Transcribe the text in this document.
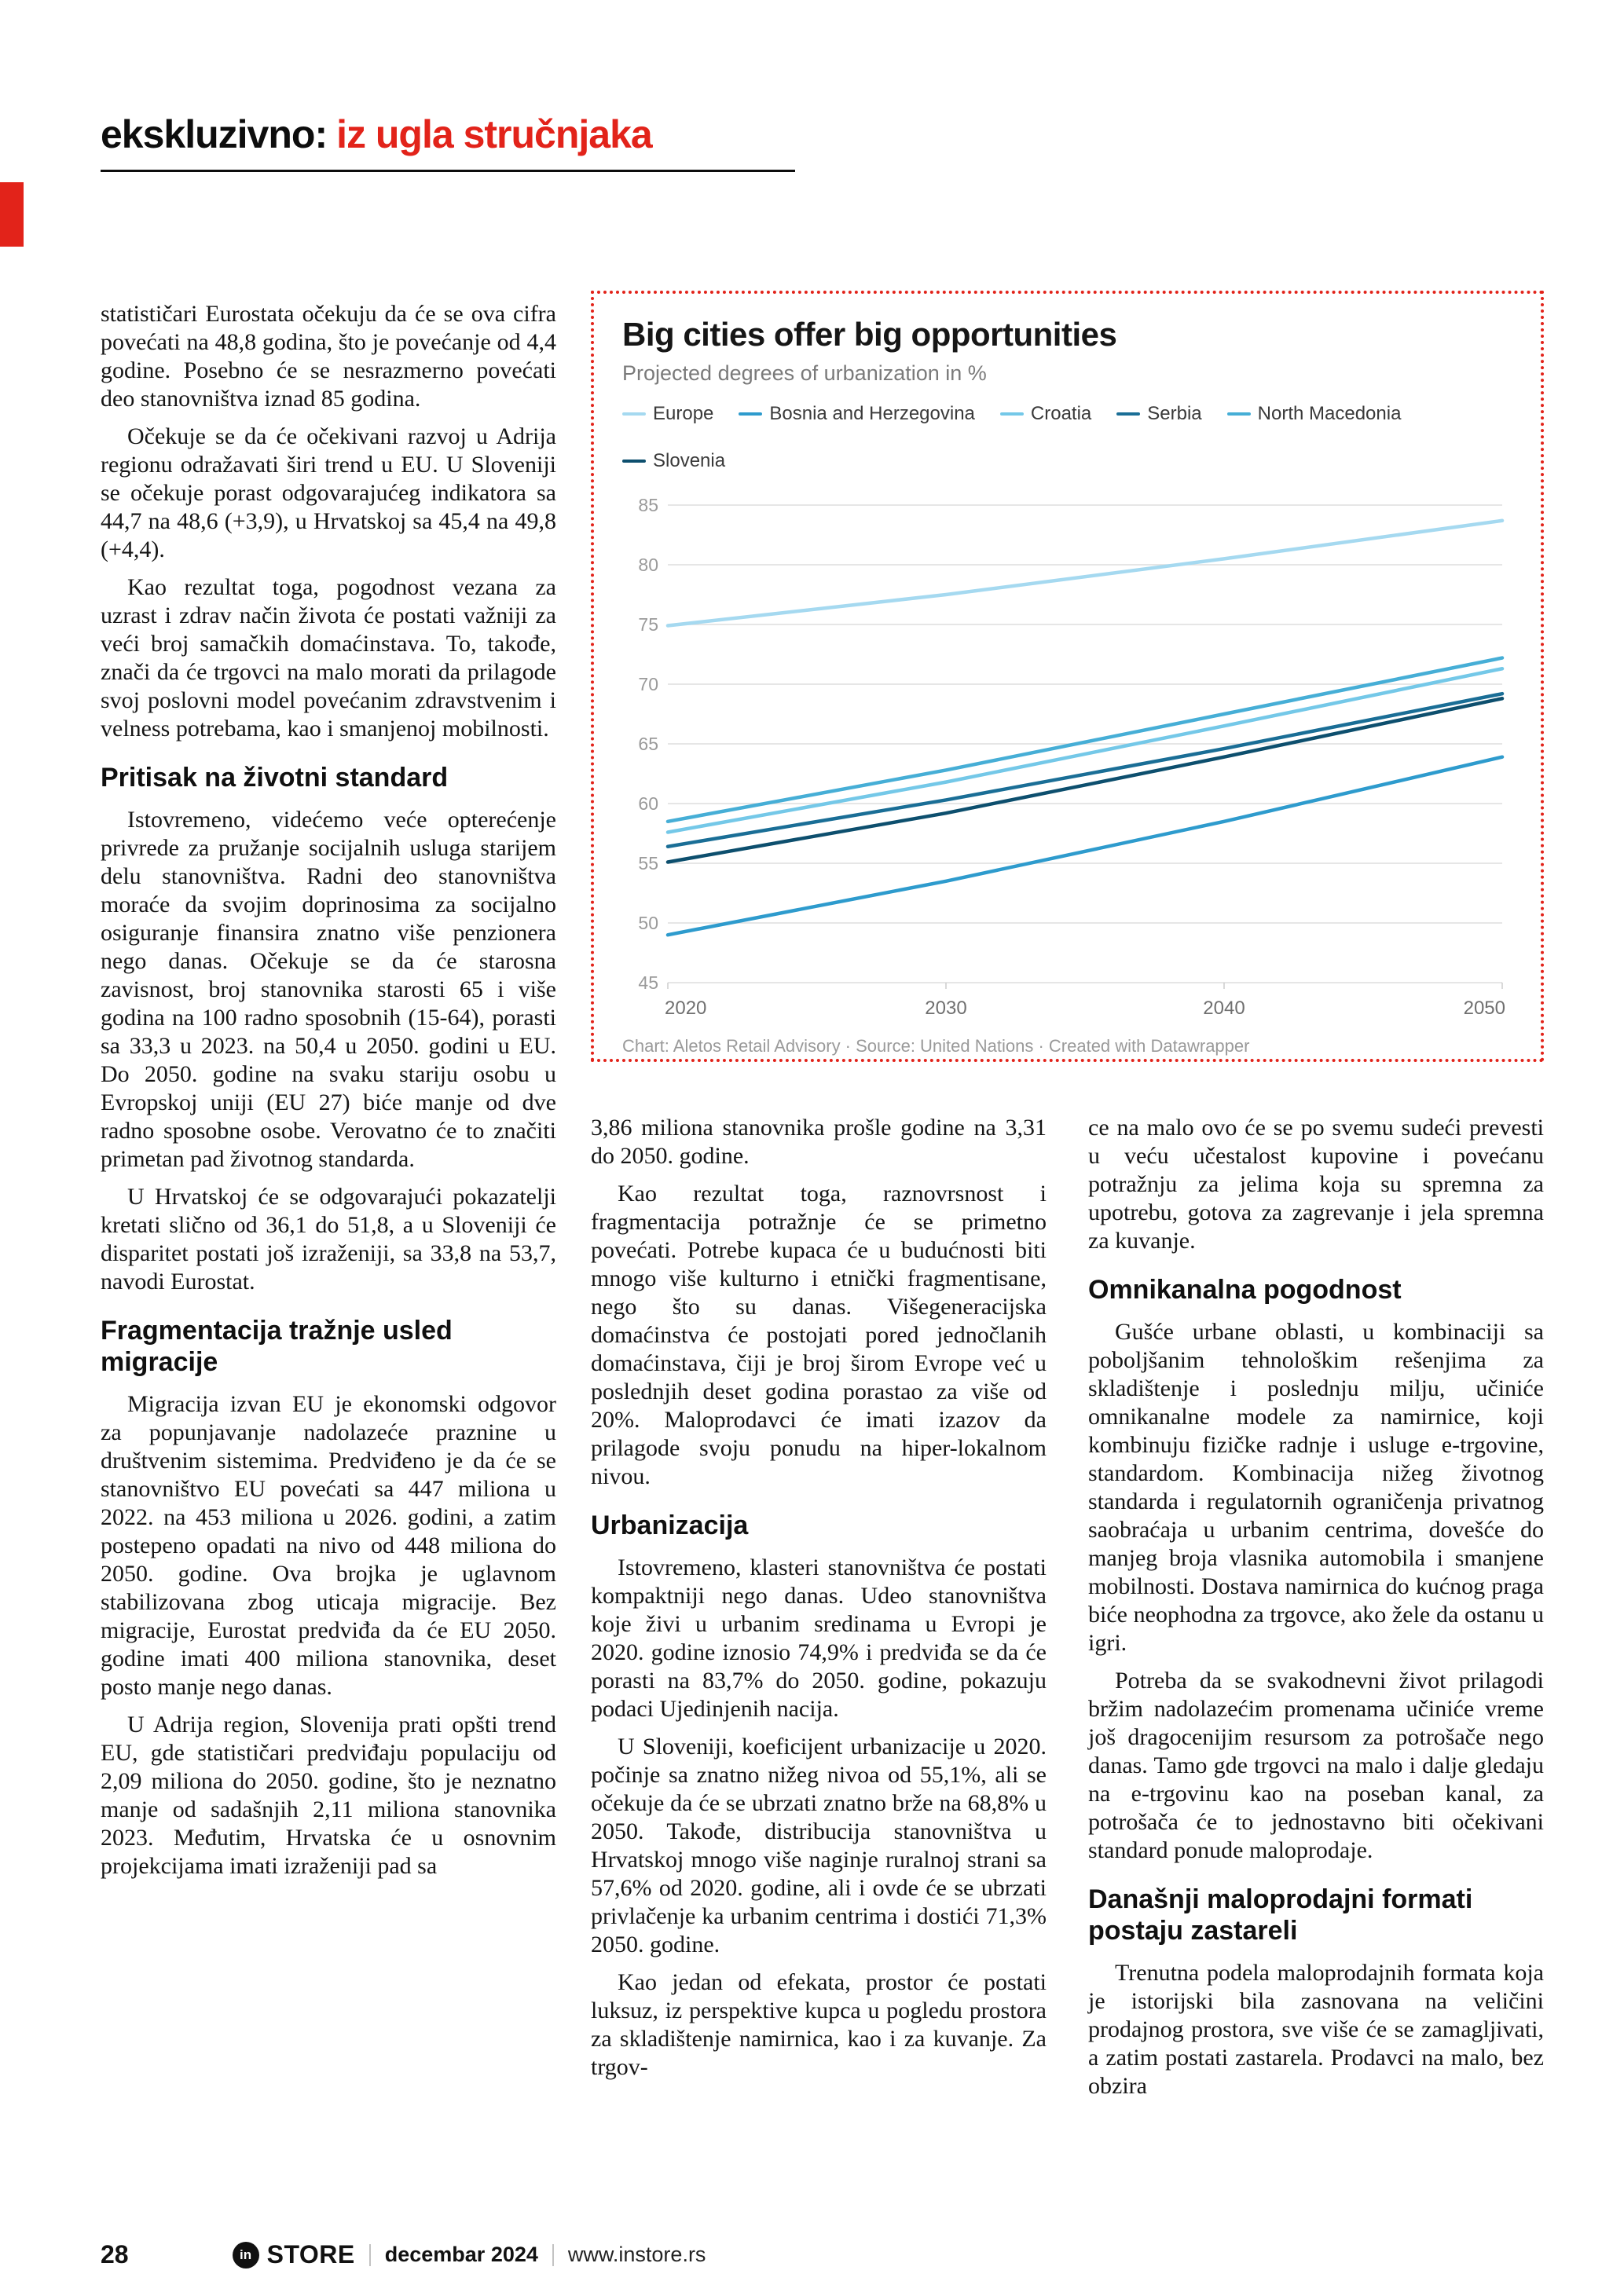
ekskluzivno: iz ugla stručnjaka

statističari Eurostata očekuju da će se ova cifra povećati na 48,8 godina, što je povećanje od 4,4 godine. Posebno će se nesrazmerno povećati deo stanovništva iznad 85 godina.

Očekuje se da će očekivani razvoj u Adrija regionu odražavati širi trend u EU. U Sloveniji se očekuje porast odgovarajućeg indikatora sa 44,7 na 48,6 (+3,9), u Hrvatskoj sa 45,4 na 49,8 (+4,4).

Kao rezultat toga, pogodnost vezana za uzrast i zdrav način života će postati važniji za veći broj samačkih domaćinstava. To, takođe, znači da će trgovci na malo morati da prilagode svoj poslovni model povećanim zdravstvenim i velness potrebama, kao i smanjenoj mobilnosti.

Pritisak na životni standard

Istovremeno, videćemo veće opterećenje privrede za pružanje socijalnih usluga starijem delu stanovništva. Radni deo stanovništva moraće da svojim doprinosima za socijalno osiguranje finansira znatno više penzionera nego danas. Očekuje se da će starosna zavisnost, broj stanovnika starosti 65 i više godina na 100 radno sposobnih (15-64), porasti sa 33,3 u 2023. na 50,4 u 2050. godini u EU. Do 2050. godine na svaku stariju osobu u Evropskoj uniji (EU 27) biće manje od dve radno sposobne osobe. Verovatno će to značiti primetan pad životnog standarda.

U Hrvatskoj će se odgovarajući pokazatelji kretati slično od 36,1 do 51,8, a u Sloveniji će disparitet postati još izraženiji, sa 33,8 na 53,7, navodi Eurostat.

Fragmentacija tražnje usled migracije

Migracija izvan EU je ekonomski odgovor za popunjavanje nadolazeće praznine u društvenim sistemima. Predviđeno je da će se stanovništvo EU povećati sa 447 miliona u 2022. na 453 miliona u 2026. godini, a zatim postepeno opadati na nivo od 448 miliona do 2050. godine. Ova brojka je uglavnom stabilizovana zbog uticaja migracije. Bez migracije, Eurostat predviđa da će EU 2050. godine imati 400 miliona stanovnika, deset posto manje nego danas.

U Adrija region, Slovenija prati opšti trend EU, gde statističari predviđaju populaciju od 2,09 miliona do 2050. godine, što je neznatno manje od sadašnjih 2,11 miliona stanovnika 2023. Međutim, Hrvatska će u osnovnim projekcijama imati izraženiji pad sa

Big cities offer big opportunities
Projected degrees of urbanization in %
Europe	Bosnia and Herzegovina	Croatia	Serbia	North Macedonia
Slovenia
45
50
55
60
65
70
75
80
85
2020	2030	2040	2050
Chart: Aletos Retail Advisory · Source: United Nations · Created with Datawrapper

3,86 miliona stanovnika prošle godine na 3,31 do 2050. godine.

Kao rezultat toga, raznovrsnost i fragmentacija potražnje će se primetno povećati. Potrebe kupaca će u budućnosti biti mnogo više kulturno i etnički fragmentisane, nego što su danas. Višegeneracijska domaćinstva će postojati pored jednočlanih domaćinstava, čiji je broj širom Evrope već u poslednjih deset godina porastao za više od 20%. Maloprodavci će imati izazov da prilagode svoju ponudu na hiper-lokalnom nivou.

Urbanizacija

Istovremeno, klasteri stanovništva će postati kompaktniji nego danas. Udeo stanovništva koje živi u urbanim sredinama u Evropi je 2020. godine iznosio 74,9% i predviđa se da će porasti na 83,7% do 2050. godine, pokazuju podaci Ujedinjenih nacija.

U Sloveniji, koeficijent urbanizacije u 2020. počinje sa znatno nižeg nivoa od 55,1%, ali se očekuje da će se ubrzati znatno brže na 68,8% u 2050. Takođe, distribucija stanovništva u Hrvatskoj mnogo više naginje ruralnoj strani sa 57,6% od 2020. godine, ali i ovde će se ubrzati privlačenje ka urbanim centrima i dostići 71,3% 2050. godine.

Kao jedan od efekata, prostor će postati luksuz, iz perspektive kupca u pogledu prostora za skladištenje namirnica, kao i za kuvanje. Za trgov-

ce na malo ovo će se po svemu sudeći prevesti u veću učestalost kupovine i povećanu potražnju za jelima koja su spremna za upotrebu, gotova za zagrevanje i jela spremna za kuvanje.

Omnikanalna pogodnost

Gušće urbane oblasti, u kombinaciji sa poboljšanim tehnološkim rešenjima za skladištenje i poslednju milju, učiniće omnikanalne modele za namirnice, koji kombinuju fizičke radnje i usluge e-trgovine, standardom. Kombinacija nižeg životnog standarda i regulatornih ograničenja privatnog saobraćaja u urbanim centrima, dovešće do manjeg broja vlasnika automobila i smanjene mobilnosti. Dostava namirnica do kućnog praga biće neophodna za trgovce, ako žele da ostanu u igri.

Potreba da se svakodnevni život prilagodi bržim nadolazećim promenama učiniće vreme još dragocenijim resursom za potrošače nego danas. Tamo gde trgovci na malo i dalje gledaju na e-trgovinu kao na poseban kanal, za potrošača će to jednostavno biti očekivani standard ponude maloprodaje.

Današnji maloprodajni formati postaju zastareli

Trenutna podela maloprodajnih formata koja je istorijski bila zasnovana na veličini prodajnog prostora, sve više će se zamagljivati, a zatim postati zastarela. Prodavci na malo, bez obzira

28	in STORE decembar 2024 www.instore.rs
